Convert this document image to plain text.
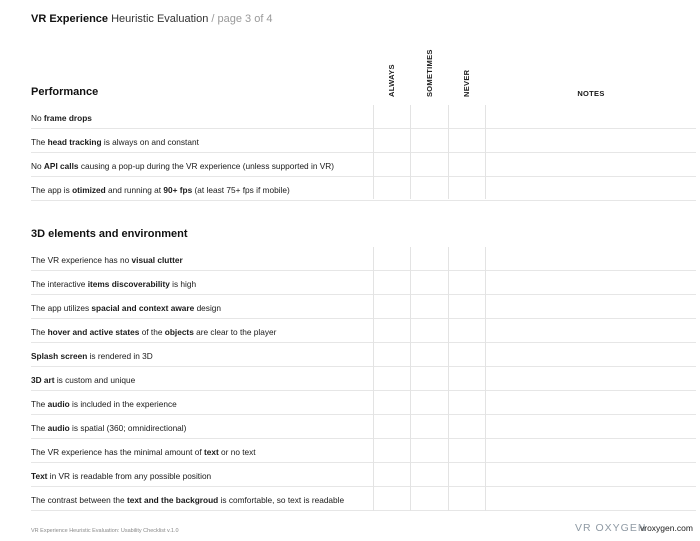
VR Experience Heuristic Evaluation / page 3 of 4
ALWAYS	SOMETIMES	NEVER	NOTES
Performance
No frame drops
The head tracking is always on and constant
No API calls causing a pop-up during the VR experience (unless supported in VR)
The app is otimized and running at 90+ fps (at least 75+ fps if mobile)
3D elements and environment
The VR experience has no visual clutter
The interactive items discoverability is high
The app utilizes spacial and context aware design
The hover and active states of the objects are clear to the player
Splash screen is rendered in 3D
3D art is custom and unique
The audio is included in the experience
The audio is spatial (360; omnidirectional)
The VR experience has the minimal amount of text or no text
Text in VR is readable from any possible position
The contrast between the text and the backgroud is comfortable, so text is readable
VR Experience Heuristic Evaluation: Usability Checklist v.1.0	VR OXYGEN
vroxygen.com
